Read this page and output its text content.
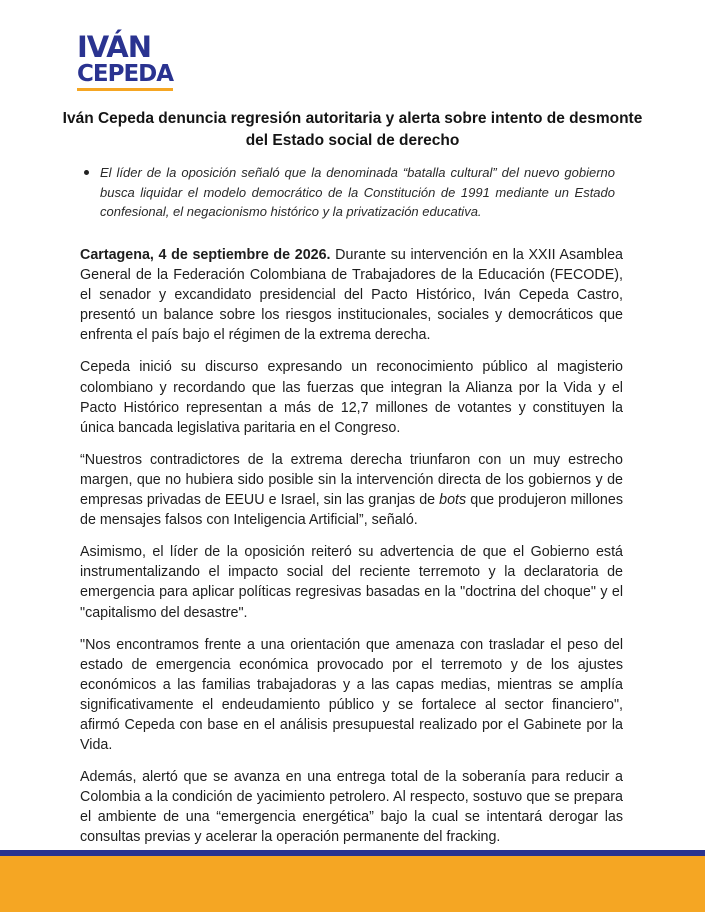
IVÁN
CEPEDA
Iván Cepeda denuncia regresión autoritaria y alerta sobre intento de desmonte del Estado social de derecho

El líder de la oposición señaló que la denominada “batalla cultural” del nuevo gobierno busca liquidar el modelo democrático de la Constitución de 1991 mediante un Estado confesional, el negacionismo histórico y la privatización educativa.

Cartagena, 4 de septiembre de 2026. Durante su intervención en la XXII Asamblea General de la Federación Colombiana de Trabajadores de la Educación (FECODE), el senador y excandidato presidencial del Pacto Histórico, Iván Cepeda Castro, presentó un balance sobre los riesgos institucionales, sociales y democráticos que enfrenta el país bajo el régimen de la extrema derecha.

Cepeda inició su discurso expresando un reconocimiento público al magisterio colombiano y recordando que las fuerzas que integran la Alianza por la Vida y el Pacto Histórico representan a más de 12,7 millones de votantes y constituyen la única bancada legislativa paritaria en el Congreso.

“Nuestros contradictores de la extrema derecha triunfaron con un muy estrecho margen, que no hubiera sido posible sin la intervención directa de los gobiernos y de empresas privadas de EEUU e Israel, sin las granjas de bots que produjeron millones de mensajes falsos con Inteligencia Artificial”, señaló.

Asimismo, el líder de la oposición reiteró su advertencia de que el Gobierno está instrumentalizando el impacto social del reciente terremoto y la declaratoria de emergencia para aplicar políticas regresivas basadas en la "doctrina del choque" y el "capitalismo del desastre".

"Nos encontramos frente a una orientación que amenaza con trasladar el peso del estado de emergencia económica provocado por el terremoto y de los ajustes económicos a las familias trabajadoras y a las capas medias, mientras se amplía significativamente el endeudamiento público y se fortalece al sector financiero", afirmó Cepeda con base en el análisis presupuestal realizado por el Gabinete por la Vida.

Además, alertó que se avanza en una entrega total de la soberanía para reducir a Colombia a la condición de yacimiento petrolero. Al respecto, sostuvo que se prepara el ambiente de una “emergencia energética” bajo la cual se intentará derogar las consultas previas y acelerar la operación permanente del fracking.
